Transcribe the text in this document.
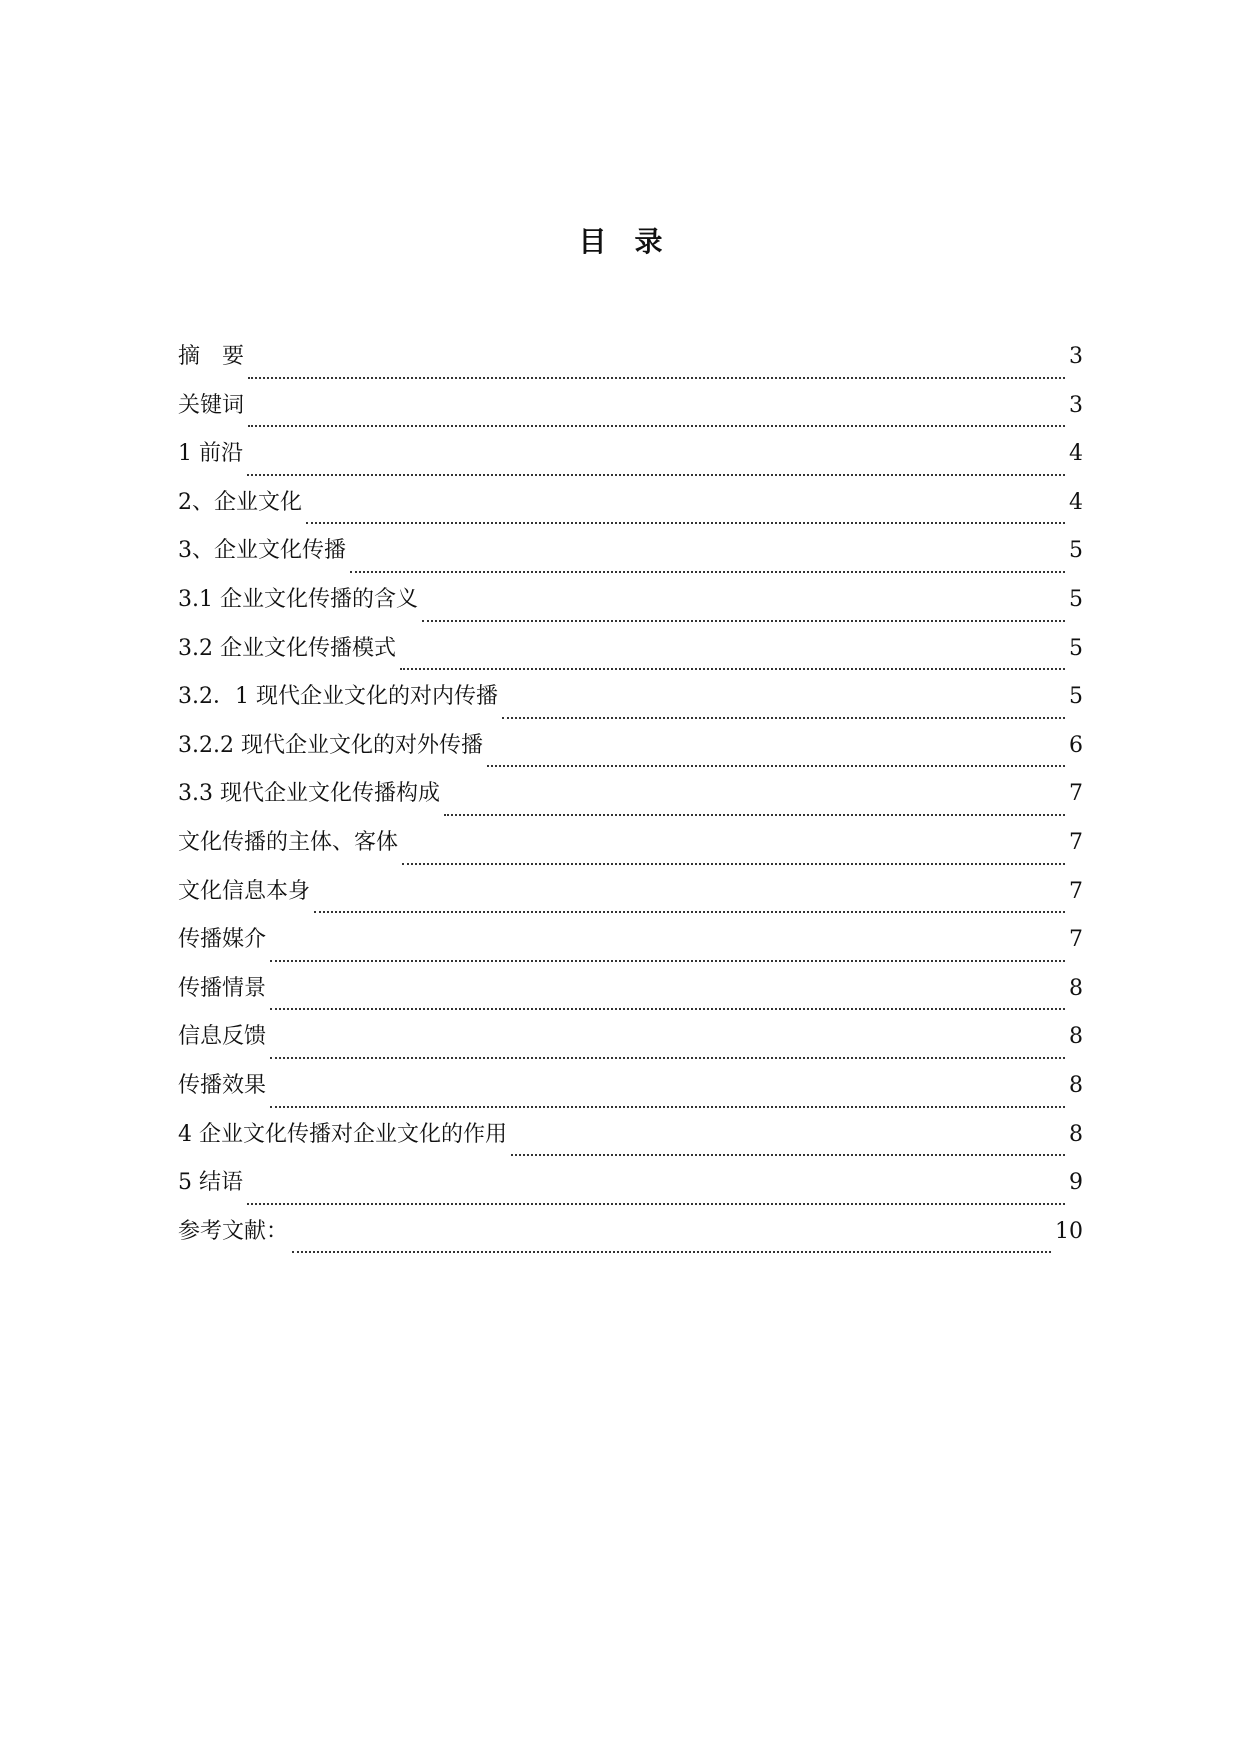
目　录
摘　要	3
关键词	3
1 前沿	4
2、企业文化	4
3、企业文化传播	5
3.1 企业文化传播的含义	5
3.2 企业文化传播模式	5
3.2．1 现代企业文化的对内传播	5
3.2.2 现代企业文化的对外传播	6
3.3 现代企业文化传播构成	7
文化传播的主体、客体	7
文化信息本身	7
传播媒介	7
传播情景	8
信息反馈	8
传播效果	8
4 企业文化传播对企业文化的作用	8
5 结语	9
参考文献：	10
